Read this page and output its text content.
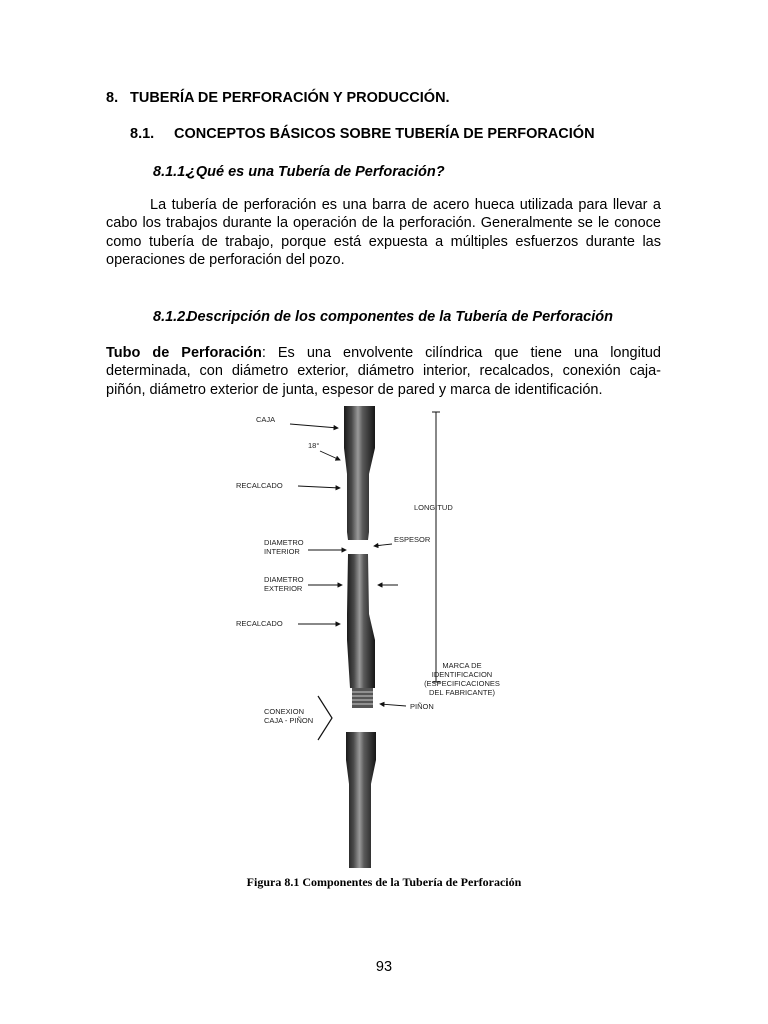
8. TUBERÍA DE PERFORACIÓN Y PRODUCCIÓN.
8.1. CONCEPTOS BÁSICOS SOBRE TUBERÍA DE PERFORACIÓN
8.1.1.¿Qué es una Tubería de Perforación?
La tubería de perforación es una barra de acero hueca utilizada para llevar a cabo los trabajos durante la operación de la perforación. Generalmente se le conoce como tubería de trabajo, porque está expuesta a múltiples esfuerzos durante las operaciones de perforación del pozo.
8.1.2.Descripción de los componentes de la Tubería de Perforación
Tubo de Perforación: Es una envolvente cilíndrica que tiene una longitud determinada, con diámetro exterior, diámetro interior, recalcados, conexión caja-piñón, diámetro exterior de junta, espesor de pared y marca de identificación.
CAJA
18°
RECALCADO
LONGITUD
DIAMETRO
INTERIOR
ESPESOR
DIAMETRO
EXTERIOR
RECALCADO
MARCA DE
IDENTIFICACION
(ESPECIFICACIONES
DEL FABRICANTE)
PIÑON
CONEXION
CAJA - PIÑON
Figura 8.1 Componentes de la Tubería de Perforación
93
